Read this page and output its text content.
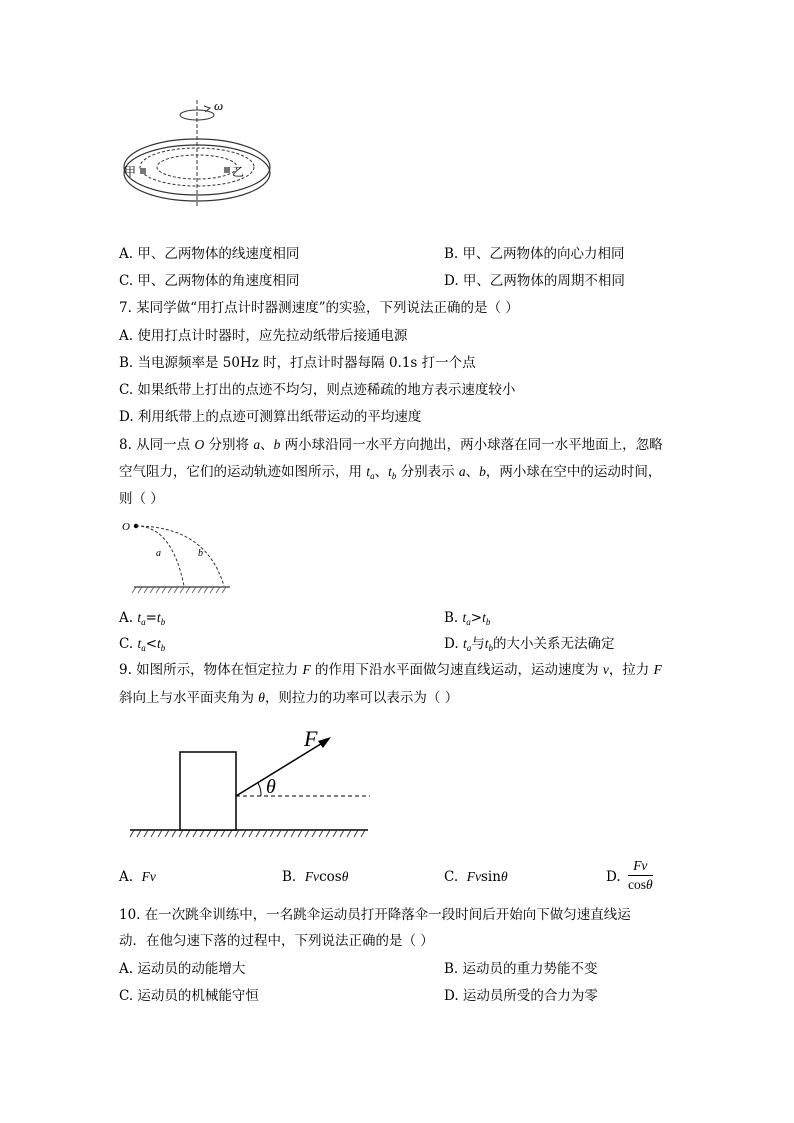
ω
甲	乙
A. 甲、乙两物体的线速度相同	B. 甲、乙两物体的向心力相同
C. 甲、乙两物体的角速度相同	D. 甲、乙两物体的周期不相同
7. 某同学做“用打点计时器测速度”的实验，下列说法正确的是（ ）
A. 使用打点计时器时，应先拉动纸带后接通电源
B. 当电源频率是 50Hz 时，打点计时器每隔 0.1s 打一个点
C. 如果纸带上打出的点迹不均匀，则点迹稀疏的地方表示速度较小
D. 利用纸带上的点迹可测算出纸带运动的平均速度
8. 从同一点 O 分别将 a、b 两小球沿同一水平方向抛出，两小球落在同一水平地面上，忽略
空气阻力，它们的运动轨迹如图所示，用 $t_a$、$t_b$ 分别表示 a、b，两小球在空中的运动时间，
则（ ）
O
a	b
A. $t_a=t_b$	B. $t_a>t_b$
C. $t_a<t_b$	D. $t_a$与$t_b$的大小关系无法确定
9. 如图所示，物体在恒定拉力 F 的作用下沿水平面做匀速直线运动，运动速度为 v，拉力 F
斜向上与水平面夹角为 θ，则拉力的功率可以表示为（ ）
F
θ
A. Fv	B. Fvcosθ	C. Fvsinθ	D. $\frac{Fv}{\cos\theta}$
10. 在一次跳伞训练中，一名跳伞运动员打开降落伞一段时间后开始向下做匀速直线运
动．在他匀速下落的过程中，下列说法正确的是（ ）
A. 运动员的动能增大	B. 运动员的重力势能不变
C. 运动员的机械能守恒	D. 运动员所受的合力为零
